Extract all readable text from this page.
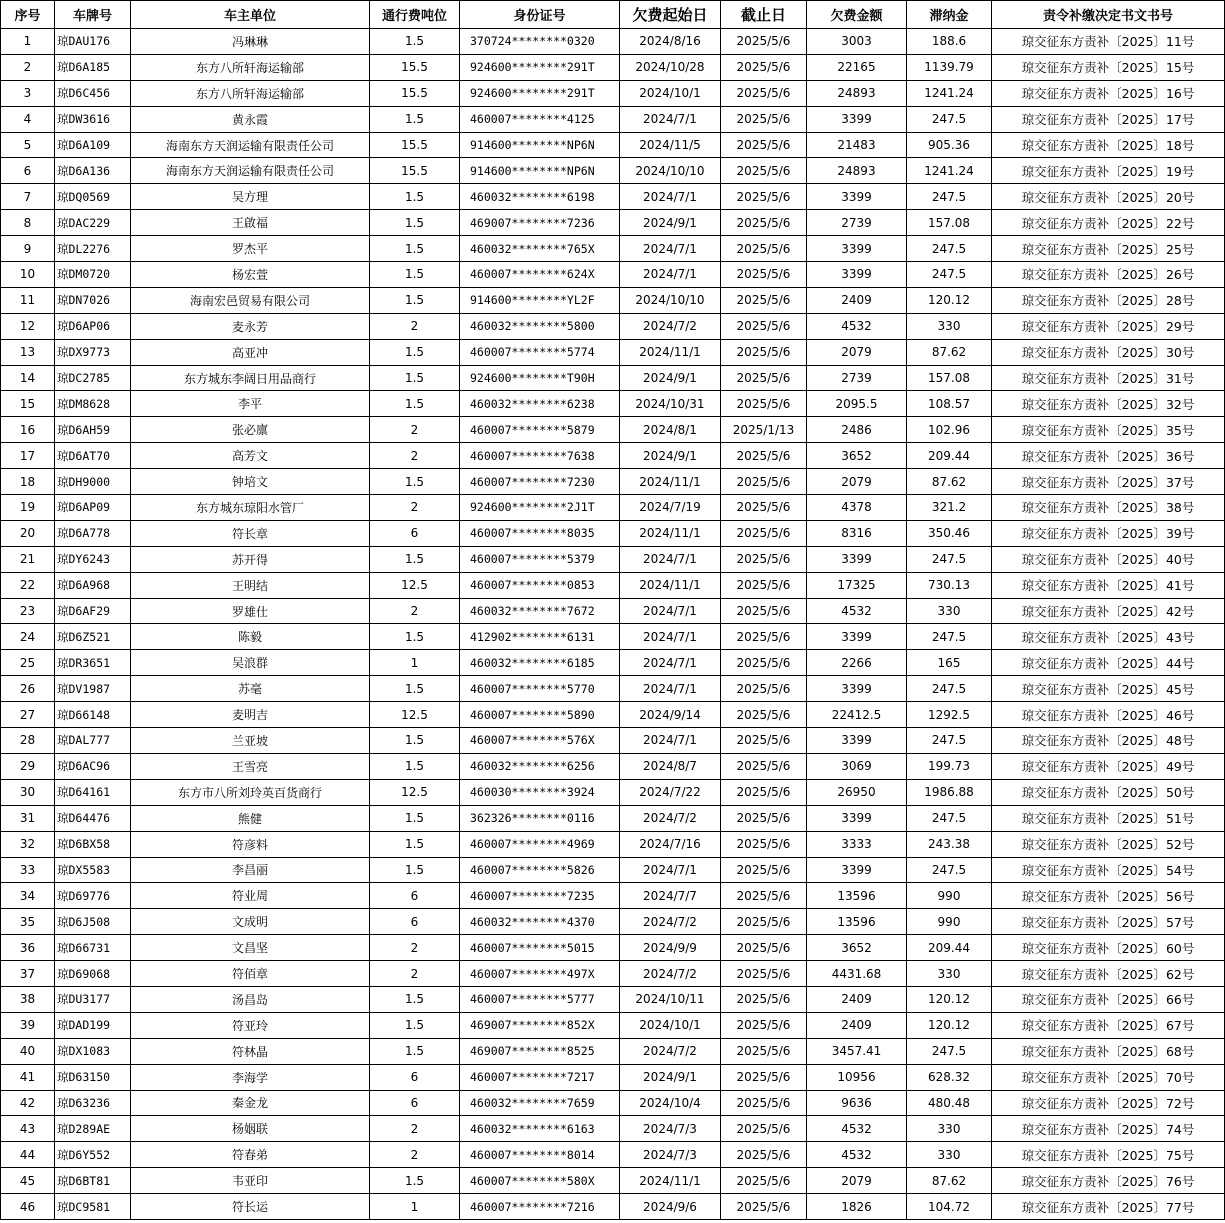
序号	车牌号	车主单位	通行费吨位	身份证号	欠费起始日	截止日	欠费金额	滞纳金	责令补缴决定书文书号
1	琼DAU176	冯琳琳	1.5	370724********0320	2024/8/16	2025/5/6	3003	188.6	琼交征东方责补〔2025〕11号
2	琼D6A185	东方八所轩海运输部	15.5	924600********291T	2024/10/28	2025/5/6	22165	1139.79	琼交征东方责补〔2025〕15号
3	琼D6C456	东方八所轩海运输部	15.5	924600********291T	2024/10/1	2025/5/6	24893	1241.24	琼交征东方责补〔2025〕16号
4	琼DW3616	黄永霞	1.5	460007********4125	2024/7/1	2025/5/6	3399	247.5	琼交征东方责补〔2025〕17号
5	琼D6A109	海南东方天润运输有限责任公司	15.5	914600********NP6N	2024/11/5	2025/5/6	21483	905.36	琼交征东方责补〔2025〕18号
6	琼D6A136	海南东方天润运输有限责任公司	15.5	914600********NP6N	2024/10/10	2025/5/6	24893	1241.24	琼交征东方责补〔2025〕19号
7	琼DQ0569	吴方理	1.5	460032********6198	2024/7/1	2025/5/6	3399	247.5	琼交征东方责补〔2025〕20号
8	琼DAC229	王啟福	1.5	469007********7236	2024/9/1	2025/5/6	2739	157.08	琼交征东方责补〔2025〕22号
9	琼DL2276	罗杰平	1.5	460032********765X	2024/7/1	2025/5/6	3399	247.5	琼交征东方责补〔2025〕25号
10	琼DM0720	杨宏萱	1.5	460007********624X	2024/7/1	2025/5/6	3399	247.5	琼交征东方责补〔2025〕26号
11	琼DN7026	海南宏邑贸易有限公司	1.5	914600********YL2F	2024/10/10	2025/5/6	2409	120.12	琼交征东方责补〔2025〕28号
12	琼D6AP06	麦永芳	2	460032********5800	2024/7/2	2025/5/6	4532	330	琼交征东方责补〔2025〕29号
13	琼DX9773	高亚冲	1.5	460007********5774	2024/11/1	2025/5/6	2079	87.62	琼交征东方责补〔2025〕30号
14	琼DC2785	东方城东李阔日用品商行	1.5	924600********T90H	2024/9/1	2025/5/6	2739	157.08	琼交征东方责补〔2025〕31号
15	琼DM8628	李平	1.5	460032********6238	2024/10/31	2025/5/6	2095.5	108.57	琼交征东方责补〔2025〕32号
16	琼D6AH59	张必廪	2	460007********5879	2024/8/1	2025/1/13	2486	102.96	琼交征东方责补〔2025〕35号
17	琼D6AT70	高芳文	2	460007********7638	2024/9/1	2025/5/6	3652	209.44	琼交征东方责补〔2025〕36号
18	琼DH9000	钟培文	1.5	460007********7230	2024/11/1	2025/5/6	2079	87.62	琼交征东方责补〔2025〕37号
19	琼D6AP09	东方城东琼阳水管厂	2	924600********2J1T	2024/7/19	2025/5/6	4378	321.2	琼交征东方责补〔2025〕38号
20	琼D6A778	符长章	6	460007********8035	2024/11/1	2025/5/6	8316	350.46	琼交征东方责补〔2025〕39号
21	琼DY6243	苏开得	1.5	460007********5379	2024/7/1	2025/5/6	3399	247.5	琼交征东方责补〔2025〕40号
22	琼D6A968	王明结	12.5	460007********0853	2024/11/1	2025/5/6	17325	730.13	琼交征东方责补〔2025〕41号
23	琼D6AF29	罗雄仕	2	460032********7672	2024/7/1	2025/5/6	4532	330	琼交征东方责补〔2025〕42号
24	琼D6Z521	陈毅	1.5	412902********6131	2024/7/1	2025/5/6	3399	247.5	琼交征东方责补〔2025〕43号
25	琼DR3651	吴浪群	1	460032********6185	2024/7/1	2025/5/6	2266	165	琼交征东方责补〔2025〕44号
26	琼DV1987	苏毫	1.5	460007********5770	2024/7/1	2025/5/6	3399	247.5	琼交征东方责补〔2025〕45号
27	琼D66148	麦明吉	12.5	460007********5890	2024/9/14	2025/5/6	22412.5	1292.5	琼交征东方责补〔2025〕46号
28	琼DAL777	兰亚坡	1.5	460007********576X	2024/7/1	2025/5/6	3399	247.5	琼交征东方责补〔2025〕48号
29	琼D6AC96	王雪亮	1.5	460032********6256	2024/8/7	2025/5/6	3069	199.73	琼交征东方责补〔2025〕49号
30	琼D64161	东方市八所刘玲英百货商行	12.5	460030********3924	2024/7/22	2025/5/6	26950	1986.88	琼交征东方责补〔2025〕50号
31	琼D64476	熊健	1.5	362326********0116	2024/7/2	2025/5/6	3399	247.5	琼交征东方责补〔2025〕51号
32	琼D6BX58	符彦料	1.5	460007********4969	2024/7/16	2025/5/6	3333	243.38	琼交征东方责补〔2025〕52号
33	琼DX5583	李昌丽	1.5	460007********5826	2024/7/1	2025/5/6	3399	247.5	琼交征东方责补〔2025〕54号
34	琼D69776	符业周	6	460007********7235	2024/7/7	2025/5/6	13596	990	琼交征东方责补〔2025〕56号
35	琼D6J508	文成明	6	460032********4370	2024/7/2	2025/5/6	13596	990	琼交征东方责补〔2025〕57号
36	琼D66731	文昌坚	2	460007********5015	2024/9/9	2025/5/6	3652	209.44	琼交征东方责补〔2025〕60号
37	琼D69068	符佰章	2	460007********497X	2024/7/2	2025/5/6	4431.68	330	琼交征东方责补〔2025〕62号
38	琼DU3177	汤昌岛	1.5	460007********5777	2024/10/11	2025/5/6	2409	120.12	琼交征东方责补〔2025〕66号
39	琼DAD199	符亚玲	1.5	469007********852X	2024/10/1	2025/5/6	2409	120.12	琼交征东方责补〔2025〕67号
40	琼DX1083	符林晶	1.5	469007********8525	2024/7/2	2025/5/6	3457.41	247.5	琼交征东方责补〔2025〕68号
41	琼D63150	李海学	6	460007********7217	2024/9/1	2025/5/6	10956	628.32	琼交征东方责补〔2025〕70号
42	琼D63236	秦金龙	6	460032********7659	2024/10/4	2025/5/6	9636	480.48	琼交征东方责补〔2025〕72号
43	琼D289AE	杨姻联	2	460032********6163	2024/7/3	2025/5/6	4532	330	琼交征东方责补〔2025〕74号
44	琼D6Y552	符春弟	2	460007********8014	2024/7/3	2025/5/6	4532	330	琼交征东方责补〔2025〕75号
45	琼D6BT81	韦亚印	1.5	460007********580X	2024/11/1	2025/5/6	2079	87.62	琼交征东方责补〔2025〕76号
46	琼DC9581	符长运	1	460007********7216	2024/9/6	2025/5/6	1826	104.72	琼交征东方责补〔2025〕77号
